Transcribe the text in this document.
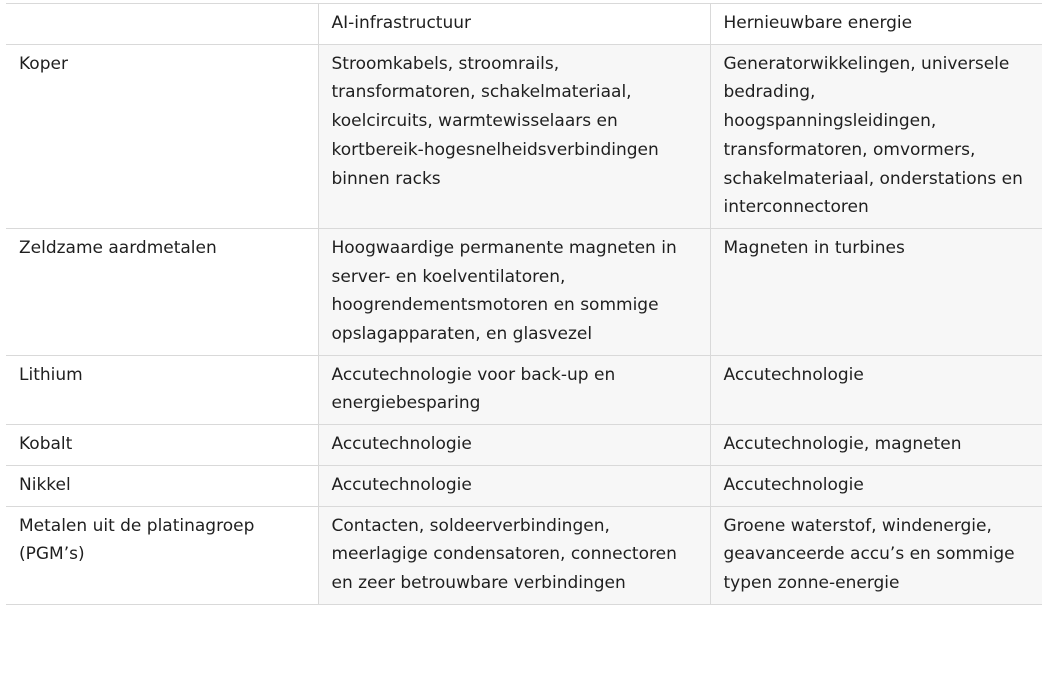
	AI-infrastructuur	Hernieuwbare energie
Koper	Stroomkabels, stroomrails, transformatoren, schakelmateriaal, koelcircuits, warmtewisselaars en kortbereik-hogesnelheidsverbindingen binnen racks	Generatorwikkelingen, universele bedrading, hoogspanningsleidingen, transformatoren, omvormers, schakelmateriaal, onderstations en interconnectoren
Zeldzame aardmetalen	Hoogwaardige permanente magneten in server- en koelventilatoren, hoogrendementsmotoren en sommige opslagapparaten, en glasvezel	Magneten in turbines
Lithium	Accutechnologie voor back-up en energiebesparing	Accutechnologie
Kobalt	Accutechnologie	Accutechnologie, magneten
Nikkel	Accutechnologie	Accutechnologie
Metalen uit de platinagroep (PGM’s)	Contacten, soldeerverbindingen, meerlagige condensatoren, connectoren en zeer betrouwbare verbindingen	Groene waterstof, windenergie, geavanceerde accu’s en sommige typen zonne-energie
